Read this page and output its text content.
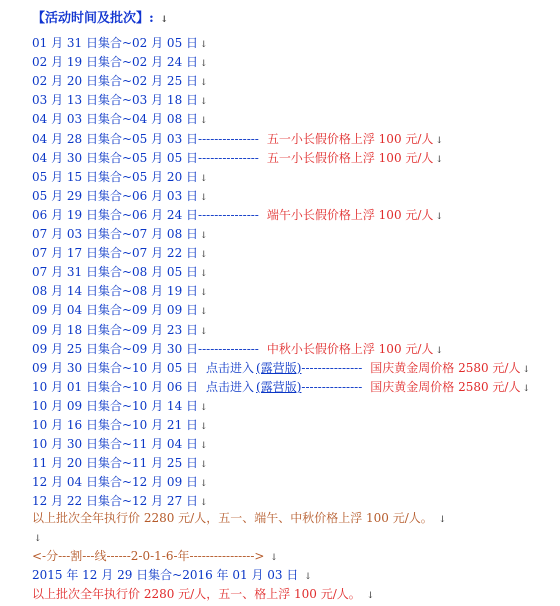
【活动时间及批次】: ↓
01 月 31 日集合~02 月 05 日 ↓
02 月 19 日集合~02 月 24 日 ↓
02 月 20 日集合~02 月 25 日 ↓
03 月 13 日集合~03 月 18 日 ↓
04 月 03 日集合~04 月 08 日 ↓
04 月 28 日集合~05 月 03 日--------------- 五一小长假价格上浮 100 元/人 ↓
04 月 30 日集合~05 月 05 日--------------- 五一小长假价格上浮 100 元/人 ↓
05 月 15 日集合~05 月 20 日 ↓
05 月 29 日集合~06 月 03 日 ↓
06 月 19 日集合~06 月 24 日--------------- 端午小长假价格上浮 100 元/人 ↓
07 月 03 日集合~07 月 08 日 ↓
07 月 17 日集合~07 月 22 日 ↓
07 月 31 日集合~08 月 05 日 ↓
08 月 14 日集合~08 月 19 日 ↓
09 月 04 日集合~09 月 09 日 ↓
09 月 18 日集合~09 月 23 日 ↓
09 月 25 日集合~09 月 30 日--------------- 中秋小长假价格上浮 100 元/人 ↓
09 月 30 日集合~10 月 05 日 点击进入 (露营版)--------------- 国庆黄金周价格 2580 元/人 ↓
10 月 01 日集合~10 月 06 日 点击进入 (露营版)--------------- 国庆黄金周价格 2580 元/人 ↓
10 月 09 日集合~10 月 14 日 ↓
10 月 16 日集合~10 月 21 日 ↓
10 月 30 日集合~11 月 04 日 ↓
11 月 20 日集合~11 月 25 日 ↓
12 月 04 日集合~12 月 09 日 ↓
12 月 22 日集合~12 月 27 日 ↓
以上批次全年执行价 2280 元/人，五一、端午、中秋价格上浮 100 元/人。 ↓
↓
<-分---割---线------2-0-1-6-年----------------> ↓
2015 年 12 月 29 日集合~2016 年 01 月 03 日 ↓
以上批次全年执行价 2280 元/人，五一、格上浮 100 元/人。 ↓
